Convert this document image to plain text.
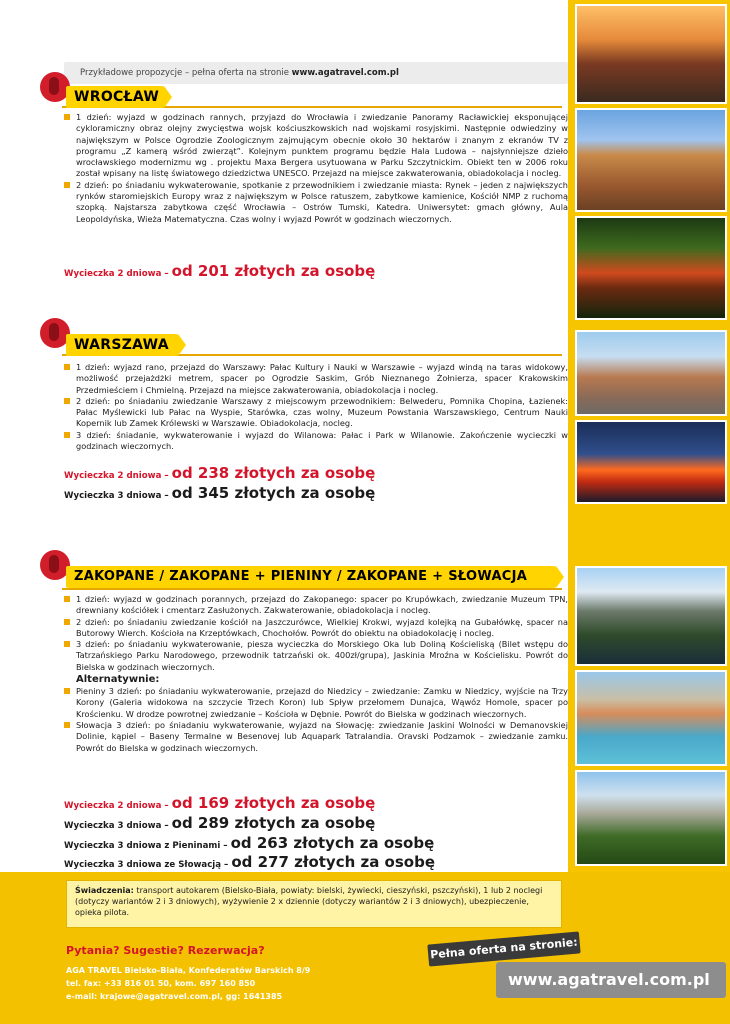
Przykładowe propozycje – pełna oferta na stronie www.agatravel.com.pl
WROCŁAW

1 dzień: wyjazd w godzinach rannych, przyjazd do Wrocławia i zwiedzanie Panoramy Racławickiej eksponującej cykloramiczny obraz olejny zwycięstwa wojsk kościuszkowskich nad wojskami rosyjskimi. Następnie odwiedziny w największym w Polsce Ogrodzie Zoologicznym zajmującym obecnie około 30 hektarów i znanym z ekranów TV z programu „Z kamerą wśród zwierząt”. Kolejnym punktem programu będzie Hala Ludowa – najsłynniejsze dzieło wrocławskiego modernizmu wg . projektu Maxa Bergera usytuowana w Parku Szczytnickim. Obiekt ten w 2006 roku został wpisany na listę światowego dziedzictwa UNESCO. Przejazd na miejsce zakwaterowania, obiadokolacja i nocleg.

2 dzień: po śniadaniu wykwaterowanie, spotkanie z przewodnikiem i zwiedzanie miasta: Rynek – jeden z największych rynków staromiejskich Europy wraz z największym w Polsce ratuszem, zabytkowe kamienice, Kościół NMP z ruchomą szopką. Najstarsza zabytkowa część Wrocławia – Ostrów Tumski, Katedra. Uniwersytet: gmach główny, Aula Leopoldyńska, Wieża Matematyczna. Czas wolny i wyjazd Powrót w godzinach wieczornych.

Wycieczka 2 dniowa – od 201 złotych za osobę
WARSZAWA

1 dzień: wyjazd rano, przejazd do Warszawy: Pałac Kultury i Nauki w Warszawie – wyjazd windą na taras widokowy, możliwość przejażdżki metrem, spacer po Ogrodzie Saskim, Grób Nieznanego Żołnierza, spacer Krakowskim Przedmieściem i Chmielną. Przejazd na miejsce zakwaterowania, obiadokolacja i nocleg.

2 dzień: po śniadaniu zwiedzanie Warszawy z miejscowym przewodnikiem: Belwederu, Pomnika Chopina, Łazienek: Pałac Myślewicki lub Pałac na Wyspie, Starówka, czas wolny, Muzeum Powstania Warszawskiego, Centrum Nauki Kopernik lub Zamek Królewski w Warszawie. Obiadokolacja, nocleg.

3 dzień: śniadanie, wykwaterowanie i wyjazd do Wilanowa: Pałac i Park w Wilanowie. Zakończenie wycieczki w godzinach wieczornych.

Wycieczka 2 dniowa – od 238 złotych za osobę
Wycieczka 3 dniowa – od 345 złotych za osobę
ZAKOPANE / ZAKOPANE + PIENINY / ZAKOPANE + SŁOWACJA

1 dzień: wyjazd w godzinach porannych, przejazd do Zakopanego: spacer po Krupówkach, zwiedzanie Muzeum TPN, drewniany kościółek i cmentarz Zasłużonych. Zakwaterowanie, obiadokolacja i nocleg.

2 dzień: po śniadaniu zwiedzanie kościół na Jaszczurówce, Wielkiej Krokwi, wyjazd kolejką na Gubałówkę, spacer na Butorowy Wierch. Kościoła na Krzeptówkach, Chochołów. Powrót do obiektu na obiadokolację i nocleg.

3 dzień: po śniadaniu wykwaterowanie, piesza wycieczka do Morskiego Oka lub Doliną Kościeliską (Bilet wstępu do Tatrzańskiego Parku Narodowego, przewodnik tatrzański ok. 400zł/grupa), Jaskinia Mroźna w Kościelisku. Powrót do Bielska w godzinach wieczornych.

Alternatywnie:

Pieniny 3 dzień: po śniadaniu wykwaterowanie, przejazd do Niedzicy – zwiedzanie: Zamku w Niedzicy, wyjście na Trzy Korony (Galeria widokowa na szczycie Trzech Koron) lub Spływ przełomem Dunajca, Wąwóz Homole, spacer po Krościenku. W drodze powrotnej zwiedzanie – Kościoła w Dębnie. Powrót do Bielska w godzinach wieczornych.

Słowacja 3 dzień: po śniadaniu wykwaterowanie, wyjazd na Słowację: zwiedzanie Jaskini Wolności w Demanovskiej Dolinie, kąpiel – Baseny Termalne w Besenovej lub Aquapark Tatralandia. Oravski Podzamok – zwiedzanie zamku. Powrót do Bielska w godzinach wieczornych.

Wycieczka 2 dniowa – od 169 złotych za osobę
Wycieczka 3 dniowa – od 289 złotych za osobę
Wycieczka 3 dniowa z Pieninami – od 263 złotych za osobę
Wycieczka 3 dniowa ze Słowacją – od 277 złotych za osobę
Świadczenia: transport autokarem (Bielsko-Biała, powiaty: bielski, żywiecki, cieszyński, pszczyński), 1 lub 2 noclegi (dotyczy wariantów 2 i 3 dniowych), wyżywienie 2 x dziennie (dotyczy wariantów 2 i 3 dniowych), ubezpieczenie, opieka pilota.
Pytania? Sugestie? Rezerwacja?
AGA TRAVEL Bielsko-Biała, Konfederatów Barskich 8/9
tel. fax: +33 816 01 50, kom. 697 160 850
e-mail: krajowe@agatravel.com.pl, gg: 1641385
Pełna oferta na stronie:
www.agatravel.com.pl
